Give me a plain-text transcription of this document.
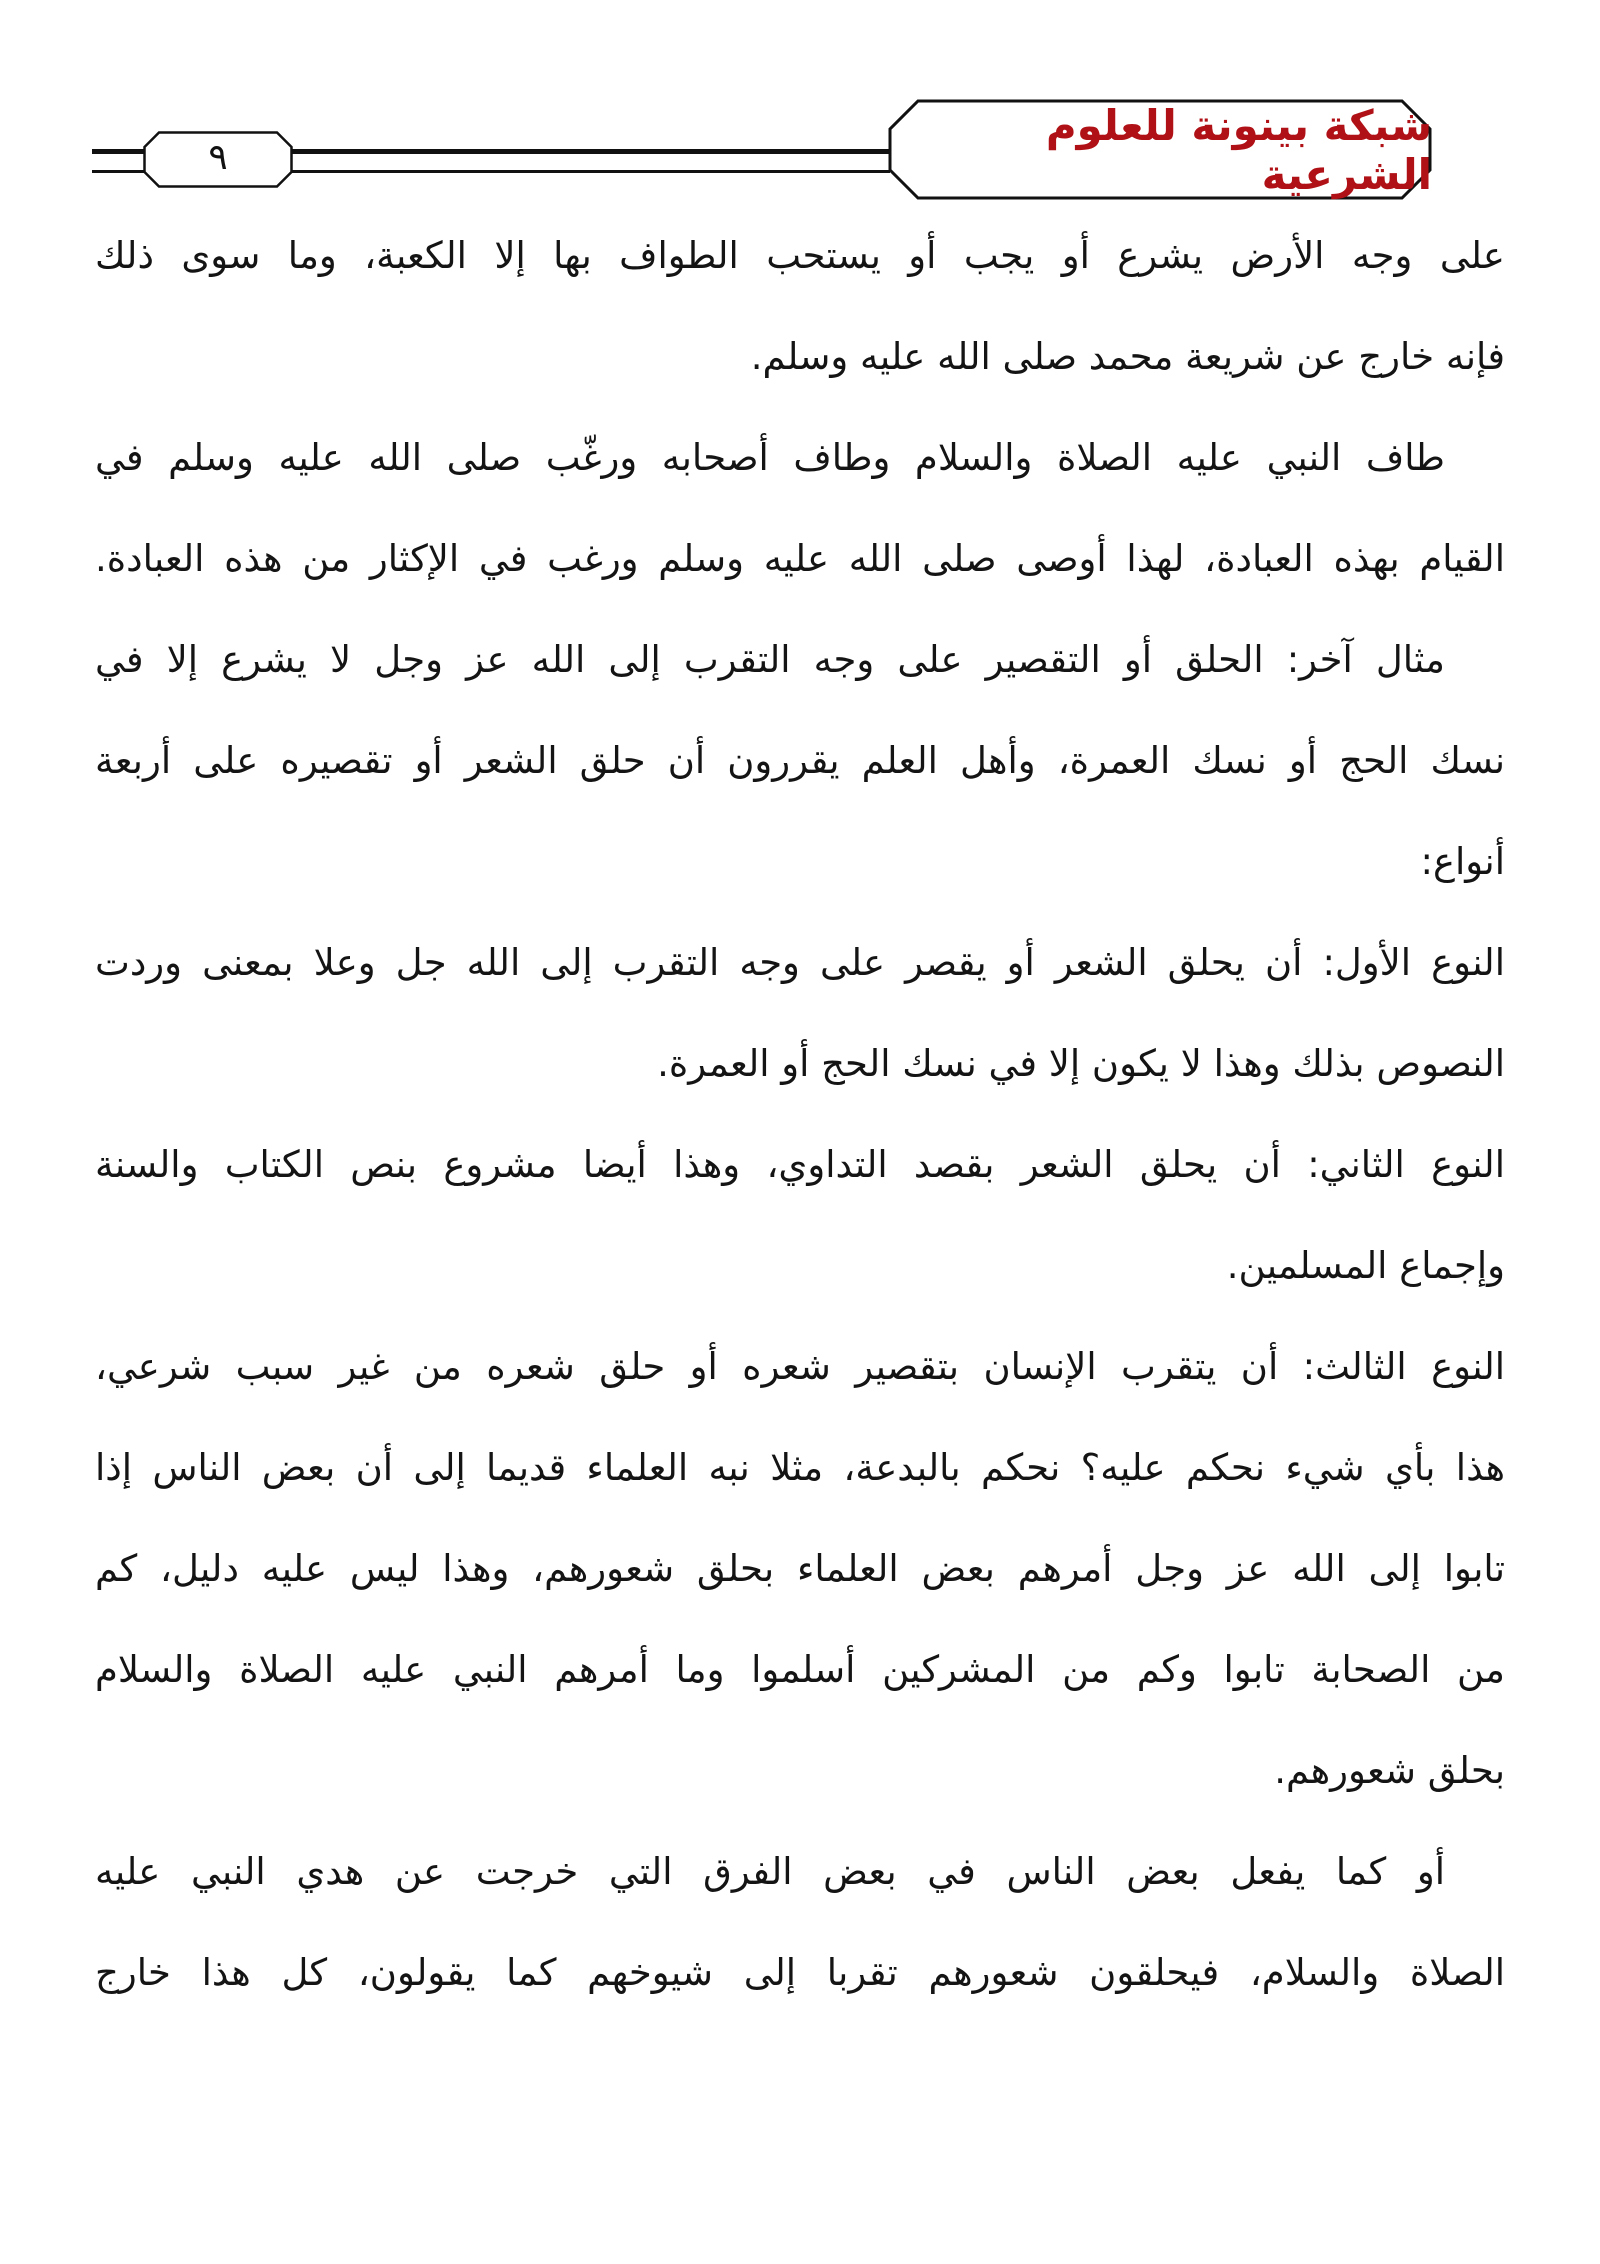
٩
شبكة بينونة للعلوم الشرعية
على وجه الأرض يشرع أو يجب أو يستحب الطواف بها إلا الكعبة، وما سوى ذلك
فإنه خارج عن شريعة محمد صلى الله عليه وسلم.
طاف النبي عليه الصلاة والسلام وطاف أصحابه ورغّب صلى الله عليه وسلم في
القيام بهذه العبادة، لهذا أوصى صلى الله عليه وسلم ورغب في الإكثار من هذه العبادة.
مثال آخر: الحلق أو التقصير على وجه التقرب إلى الله عز وجل لا يشرع إلا في
نسك الحج أو نسك العمرة، وأهل العلم يقررون أن حلق الشعر أو تقصيره على أربعة
أنواع:
النوع الأول: أن يحلق الشعر أو يقصر على وجه التقرب إلى الله جل وعلا بمعنى وردت
النصوص بذلك وهذا لا يكون إلا في نسك الحج أو العمرة.
النوع الثاني: أن يحلق الشعر بقصد التداوي، وهذا أيضا مشروع بنص الكتاب والسنة
وإجماع المسلمين.
النوع الثالث: أن يتقرب الإنسان بتقصير شعره أو حلق شعره من غير سبب شرعي،
هذا بأي شيء نحكم عليه؟ نحكم بالبدعة، مثلا نبه العلماء قديما إلى أن بعض الناس إذا
تابوا إلى الله عز وجل أمرهم بعض العلماء بحلق شعورهم، وهذا ليس عليه دليل، كم
من الصحابة تابوا وكم من المشركين أسلموا وما أمرهم النبي عليه الصلاة والسلام
بحلق شعورهم.
أو كما يفعل بعض الناس في بعض الفرق التي خرجت عن هدي النبي عليه
الصلاة والسلام، فيحلقون شعورهم تقربا إلى شيوخهم كما يقولون، كل هذا خارج
